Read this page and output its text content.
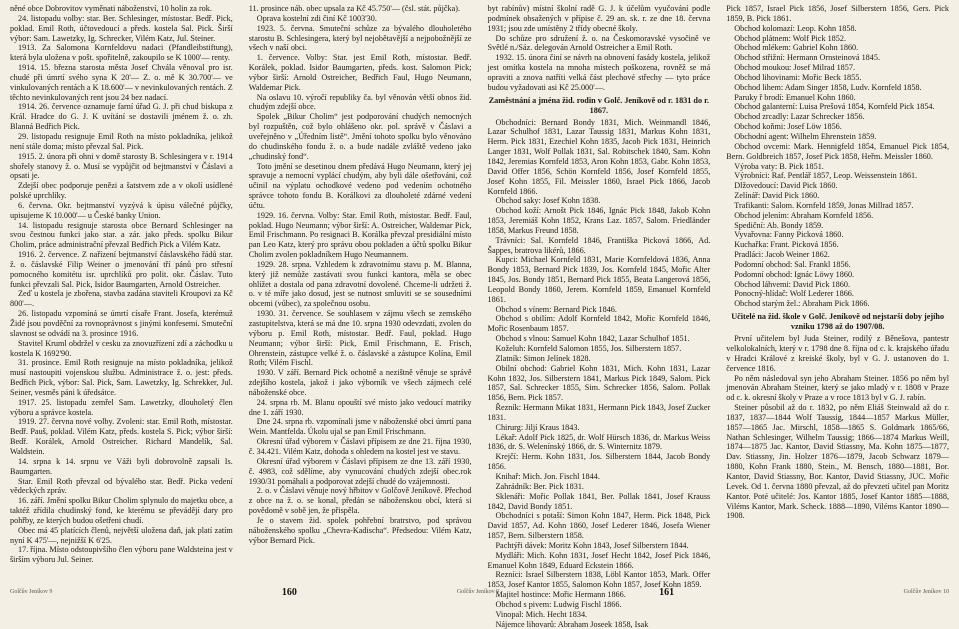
něné obce Dobrovitov vyměnati náboženství, 10 holin za rok.

24. listopadu volby: star. Ber. Schlesinger, místostar. Bedř. Pick, poklad. Emil Roth, účtovedoucí a předs. kostela Sal. Pick. Širší výbor: Sam. Lawetzky, Ig. Schrecker, Vilém Katz, Jul. Steiner.

1913. Za Salomona Kornfeldovu nadaci (Pfandleibstiftung), která byla uložena v pošt. spořitelně, zakoupilo se K 1000'— renty.

1914. 15. března starosta města Josef Chvála věnoval pro isr. chudé při úmrtí svého syna K 20'— Z. o. mě K 30.700'— ve vinkulovaných rentách a K 18.600'— v nevinkulovaných rentách. Z těchto nevinkulovaných rent jsou 24 bez nadací.

1914. 26. července oznamuje farní úřad G. J. při chud biskupa z Král. Hradce do G. J. K uvítání se dostavili jménem ž. o. zh. Blanná Bedřich Pick.

29. listopadu resignuje Emil Roth na místo pokladníka, jelikož není stále doma; místo převzal Sal. Pick.

1915. 2. února při ohni v domě starosty B. Schlesingera v r. 1914 shořely stanovy ž. o. Musí se vypůjčit od bejtmanství v Čáslavi a opsati je.

Zdejší obec podporuje penězi a šatstvem zde a v okolí usídlené polské uprchlíky.

6. června. Okr. bejtmanství vyzývá k úpisu válečné půjčky, upisujeme K 10.000'— u České banky Union.

14. listopadu resignuje starosta obce Bernard Schlesinger na svou čestnou funkci jako star. a zár. jako předs. spolku Bikur Cholim, práce administrační převzal Bedřich Pick a Vilém Katz.

1916. 2. července. Z nařízení bejtmanství čáslavského řádů star. ž. o. čáslavské Filip Weiner o jmenování tří pánů pro střesní pomocného komitétu isr. uprchlíků pro polit. okr. Čáslav. Tuto funkci převzali Sal. Pick, Isidor Baumgarten, Arnold Ostreicher.

Zeď u kostela je zbořena, stavba zadána staviteli Kroupovi za Kč 800'—.

26. listopadu vzpomíná se úmrtí císaře Frant. Josefa, kterémuž Židé jsou povděční za rovnoprávnost s jinými konfesemi. Smuteční slavnost se odvádí na 3. prosince 1916.

Stavitel Kruml obdržel v cesku za znovuzřízení zdí a záchodku u kostela K 1692'90.

31. prosince. Emil Roth resignuje na místo pokladníka, jelikož musí nastoupiti vojenskou službu. Administrace ž. o. jest: předs. Bedřich Pick, výbor: Sal. Pick, Sam. Lawetzky, Ig. Schrekker, Jul. Seiner, vesměs páni k úředsátce.

1917. 25. listopadu zemřel Sam. Lawetzky, dlouholetý člen výboru a správce kostela.

1919. 27. června nové volby. Zvoleni: star. Emil Roth, místostar. Bedř. Pauš, poklad. Vilém Katz, předs. kostela S. Pick; výbor širší: Bedř. Korálek, Arnold Ostreicher. Richard Mandelík, Sal. Waldstein.

14. srpna k 14. srpnu ve Váži byli dobrovolně zapsali Is. Baumgarten.

Star. Emil Roth převzal od bývalého star. Bedř. Picka vedení vědeckých zpráv.

16. září. Jmění spolku Bikur Cholim splynulo do majetku obce, a taktéž zřídila chudinský fond, ke kterému se převádějí dary pro pohřby, ze kterých budou ošetřeni chudí.

Obec má 45 platících členů, největší uložena daň, jak platí zatím nyní K 475'—, nejnižší K 6'25.

17. října. Místo odstoupivšího člen výboru pane Waldsteina jest v širším výboru Jul. Seiner.

11. prosince náb. obec upsala za Kč 45.750'— (čsl. stát. půjčka).

Oprava kostelní zdi činí Kč 1003'30.

1923. 5. června. Smuteční schůze za bývalého dlouholetého starostu B. Schlesingera, který byl nejobětavější a nejpobožnější ze všech v naší obci.

1. července. Volby: Star. jest Emil Roth, místostar. Bedř. Korálek, poklad. Isidor Baumgarten, předs. kost. Salomon Pick; výbor širší: Arnold Ostreicher, Bedřich Faul, Hugo Neumann, Waldemar Pick.

Na oslavu 10. výročí republiky ča. byl věnován větší obnos žid. chudým zdejší obce.

Spolek „Bikur Cholim“ jest podporování chudých nemocných byl rozpuštěn, což bylo ohlášeno okr. pol. správě v Čáslavi a uveřejněno v „Úředním listě“. Jmění tohoto spolku bylo věnováno do chudinského fondu ž. o. a bude nadále zvláště vedeno jako „chudinský fond“.

Toto jmění se desetinou dnem předává Hugo Neumann, který jej spravuje a nemocní vyplácí chudým, aby byli dále ošetřováni, což učinil na výplatu ochodkové vedeno pod vedením ochotného správce tohoto fondu B. Korálkovi za dlouholeté zdárné vedení účtu.

1929. 16. června. Volby: Star. Emil Roth, místostar. Bedř. Faul, poklad. Hugo Neumann; výbor širší: A. Ostreicher, Waldemar Pick, Emil Frischmann. Po resignaci B. Korálka převzal presidiální místo pan Leo Katz, který pro správu obou pokladen a účtů spolku Bikur Cholim zvolen pokladníkem Hugo Neumannem.

1929. 28. srpna. Vzhledem k zdravotnímu stavu p. M. Blanna, který již nemůže zastávati svou funkci kantora, měla se obec ohlížet a dostala od pana zdravotní dovolené. Chceme-li udržeti ž. o. v té míře jako dosud, jest se nutnost smluviti se se sousedními obcemi (vůbec), za společnou osobu.

1930. 31. července. Se souhlasem v zájmu všech se zemského zastupitelstva, která se má dne 10. srpna 1930 odevzdati, zvolen do výboru p. Emil Roth, místostar. Bedř. Faul, poklad. Hugo Neumann; výbor širší: Pick, Emil Frischmann, E. Frisch, Ohrenstein, zástupce velké ž. o. čáslavské a zástupce Kolína, Emil Roth; Vilém Fischl.

1930. V září. Bernard Pick ochotně a nezištně věnuje se správě zdejšího kostela, jakož i jako výborník ve všech zájmech celé náboženské obce.

24. srpna rb. M. Blanu opouští své místo jako vedoucí matriky dne 1. září 1930.

Dne 24. srpna rb. vzpomínali jsme v náboženské obci úmrtí pana Wein. Mantfelda. Úkolu ujal se pan Emil Frischmann.

Okresní úřad výborem v Čáslavi přípisem ze dne 21. října 1930, č. 34.421. Vilém Katz, dohoda s ohledem na kostel jest ve stavu.

Okresní úřad výborem v Čáslavi přípisem ze dne 13. září 1930, č. 4983, což sdělíme, aby vynucování chudých zdejší obec.rok 1930/31 pomáhali a podporovat zdejší chudé do vzájemnosti.

2. o. v Čáslavi věnuje nový hřbitov v Golčově Jeníkově. Přechod z obce na ž. o. se konal, předán se náboženskou obcí, která si povědomě v sobě jen, že přispěla.

Je o stavem žid. spolek pohřební bratrstvo, pod správou náboženského spolku „Chevra-Kadischa“. Předsedou: Vilém Katz, výbor Bernard Pick.

byt rabínův) místní školní radě G. J. k účelům vyučování podle podmínek obsažených v přípise č. 29 an. sk. r. ze dne 18. června 1931; jsou zde umístěny 2 třídy obecné školy.

Do schůze pro sdružení ž. o. na Českomoravské vysočině ve Světlé n./Sáz. delegován Arnold Ostreicher a Emil Roth.

1932. 15. února činí se návrh na obnovení fasády kostela, jelikož jest omítka kostela na mnoha místech poškozena, rovněž se má opraviti a znova natříti velká část plechové střechy — tyto práce budou vyžadovati asi Kč 25.000'—.

Zaměstnání a jména žid. rodin v Golč. Jeníkově od r. 1831 do r. 1867.

Obchodníci: Bernard Bondy 1831, Mich. Weinmandl 1846, Lazar Schulhof 1831, Lazar Taussig 1831, Markus Kohn 1831, Herm. Pick 1831, Ezechiel Kohn 1835, Jacob Pick 1831, Heinrich Langer 1831, Wolf Pollak 1831, Sal. Robitschek 1840, Sam. Kohn 1842, Jeremias Kornfeld 1853, Aron Kohn 1853, Gabr. Kohn 1853, David Offer 1856, Schön Kornfeld 1856, Josef Kornfeld 1855, Josef Kohn 1855, Fil. Meissler 1860, Israel Pick 1866, Jacob Kornfeld 1866.

Obchod saky: Josef Kohn 1838.

Obchod koží: Arnošt Pick 1846, Ignác Pick 1848, Jakob Kohn 1853, Jeremiáš Kohn 1852, Krans Laz. 1857, Salom. Friedländer 1858, Markus Freund 1858.

Trávníci: Sal. Kornfeld 1846, Františka Picková 1866, Ad. Šappes, bratrova likérů, 1866.

Kupci: Michael Kornfeld 1831, Marie Kornfeldová 1836, Anna Bondy 1853, Bernard Pick 1839, Jos. Kornfeld 1845, Mořic Alter 1845, Jos. Bondy 1851, Bernard Pick 1855, Beata Langerová 1856, Leopold Bondy 1860, Jerem. Kornfeld 1859, Emanuel Kornfeld 1861.

Obchod s vínem: Bernard Pick 1846.

Obchod s obilím: Adolf Kornfeld 1842, Mořic Kornfeld 1846, Mořic Rosenbaum 1857.

Obchod s vlnou: Samuel Kohn 1842, Lazar Schulhof 1851.

Koželuh: Kornfeld Salomon 1855, Jos. Silberstern 1857.

Zlatník: Simon Jelínek 1828.

Obilní obchod: Gabriel Kohn 1831, Mich. Kohn 1831, Lazar Kohn 1832, Jos. Silberstern 1841, Markus Pick 1849, Salom. Pick 1857, Sal. Schrecker 1855, Sim. Schrecker 1856, Salom. Pollak 1856, Bern. Pick 1857.

Řezník: Hermann Mikat 1831, Hermann Pick 1843, Josef Zucker 1831.

Chirurg: Jiljí Kraus 1843.

Lékař: Adolf Pick 1825, dr. Wolf Hürsch 1836, dr. Markus Weiss 1836, dr. S. Welenínský 1866, dr. S. Winternitz 1879.

Krejčí: Herm. Kohn 1831, Jos. Silberstern 1844, Jacob Bondy 1856.

Knihař: Mich. Jon. Fischl 1844.

Zahrádník: Ber. Pick 1831.

Sklenáři: Mořic Pollak 1841, Ber. Pollak 1841, Josef Krauss 1842, David Bondy 1851.

Obchodníci s potaší: Simon Kohn 1847, Herm. Pick 1848, Pick David 1857, Ad. Kohn 1860, Josef Lederer 1846, Josefa Wiener 1857, Bern. Silberstern 1858.

Pachtýři dávek: Moritz Kohn 1843, Josef Silberstern 1844.

Mydláři: Mich. Kohn 1831, Josef Hecht 1842, Josef Pick 1846, Emanuel Kohn 1849, Eduard Eckstein 1866.

Rezníci: Israel Silberstern 1838, Löbl Kantor 1853, Mark. Offer 1853, Josef Kantor 1855, Salomon Kohn 1857, Josef Kohn 1859.

Majitel hostince: Mořic Hermann 1866.

Obchod s pivem: Ludwig Fischl 1866.

Vinopal: Mich. Hecht 1834.

Nájemce lihovarů: Abraham Joseek 1858, Isak

Pick 1857, Israel Pick 1856, Josef Silberstern 1856, Gers. Pick 1859, B. Pick 1861.

Obchod kolomazí: Leop. Kohn 1858.

Obchod plátnem: Wolf Pick 1852.

Obchod mlékem: Gabriel Kohn 1860.

Obchod střižní: Hermann Ornsteinová 1845.

Obchod moukou: Josef Milrad 1857.

Obchod lihovinami: Mořic Beck 1855.

Obchod lihem: Adam Singer 1858, Ludv. Kornfeld 1858.

Paruky ř brodí: Emanuel Kohn 1860.

Obchod galanterní: Luisa Prešová 1854, Kornfeld Pick 1854.

Obchod zrcadly: Lazar Schrecker 1856.

Obchod koňmi: Josef Löw 1856.

Obchodní agent: Wilhelm Ehrenstein 1859.

Obchod ovcemi: Mark. Hennigfeld 1854, Emanuel Pick 1854, Bern. Goldbreich 1857, Josef Pick 1858, Heřm. Meissler 1860.

Výroba vaty: B. Pick 1851.

Výrobníci: Raf. Pentlář 1857, Leop. Weissenstein 1861.

Dlžovedoucí: David Pick 1860.

Zelínář: David Pick 1860.

Trafikanti: Salom. Kornfeld 1859, Jonas Millrad 1857.

Obchod jelením: Abraham Kornfeld 1856.

Spediční: Ab. Bondy 1859.

Vyvařovna: Fanny Picková 1860.

Kuchařka: Frant. Picková 1856.

Pradláci: Jacob Weiner 1862.

Podomní obchod: Sal. Frankl 1856.

Podomní obchod: Ignác Löwy 1860.

Obchod láhvemi: David Pick 1860.

Ponocný-hlídač: Wolf Lederer 1866.

Obchod starým žel.: Abraham Pick 1866.

Učitelé na žid. škole v Golč. Jeníkově od nejstarší doby jejího vzniku 1798 až do 1907/08.

První učitelem byl Juda Steiner, rodilý z Běnešova, pantestr velkolokalních, který v r. 1798 dne 8. října od c. k. krajského úřadu v Hradci Králové z kreiské školy, byl v G. J. ustanoven do 1. července 1816.

Po něm následoval syn jeho Abraham Steiner. 1856 po něm byl jmenován Abraham Steiner, který se jako mladý v r. 1808 v Praze od c. k. okresní školy v Praze a v roce 1813 byl v G. J. rabín.

Steiner působil až do r. 1832, po něm Eliáš Steinwald až do r. 1837, 1837—1844 Wolf Taussig, 1844—1857 Markus Müller, 1857—1865 Jac. Mirschl, 1858—1865 S. Goldmark 1865/66, Nathan Schlesinger, Wilhelm Taussig; 1866—1874 Markus Weill, 1874—1875 Jac. Kantor, David Stiassny, Ma. Kohn 1875—1877, Dav. Stiassny, Jin. Holzer 1876—1879, Jacob Schwarz 1879—1880, Kohn Frank 1880, Stein., M. Bensch, 1880—1881, Bor. Kantor, David Stiassny, Bor. Kantor, David Stiassny, JUC. Mořic Levek. Od 1. června 1880 převzal, až do převzetí učitel pan Moritz Kantor. Poté učitelé: Jos. Kantor 1885, Josef Kantor 1885—1888, Viléms Kantor, Mark. Scheck. 1888—1890, Viléms Kantor 1890—1908.

Golčův Jeníkov 9	160	Golčův Jeníkov 9	161	Golčův Jeníkov 10
